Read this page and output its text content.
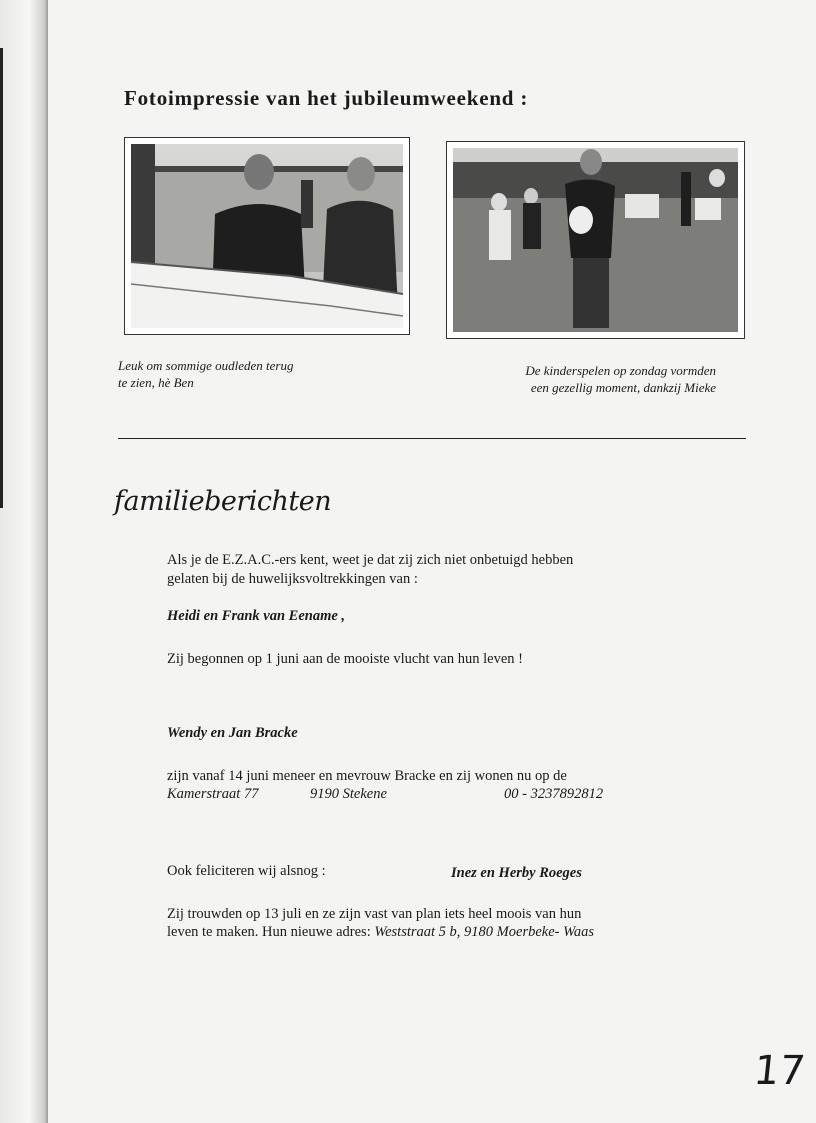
Fotoimpressie van het jubileumweekend :
Leuk om sommige oudleden terug
te zien, hè Ben
De kinderspelen op zondag vormden
een gezellig moment, dankzij Mieke
familieberichten
Als je de E.Z.A.C.-ers kent, weet je dat zij zich niet onbetuigd hebben
gelaten bij de huwelijksvoltrekkingen van :
Heidi en Frank van Eename ,
Zij begonnen op 1 juni aan de mooiste vlucht van hun leven !
Wendy en Jan Bracke
zijn vanaf 14 juni meneer en mevrouw Bracke en zij wonen nu op de
Kamerstraat 77	9190 Stekene	00 - 3237892812
Ook feliciteren wij alsnog :	Inez en Herby Roeges
Zij trouwden op 13 juli en ze zijn vast van plan iets heel moois van hun
leven te maken. Hun nieuwe adres: Weststraat 5 b, 9180 Moerbeke- Waas
17
